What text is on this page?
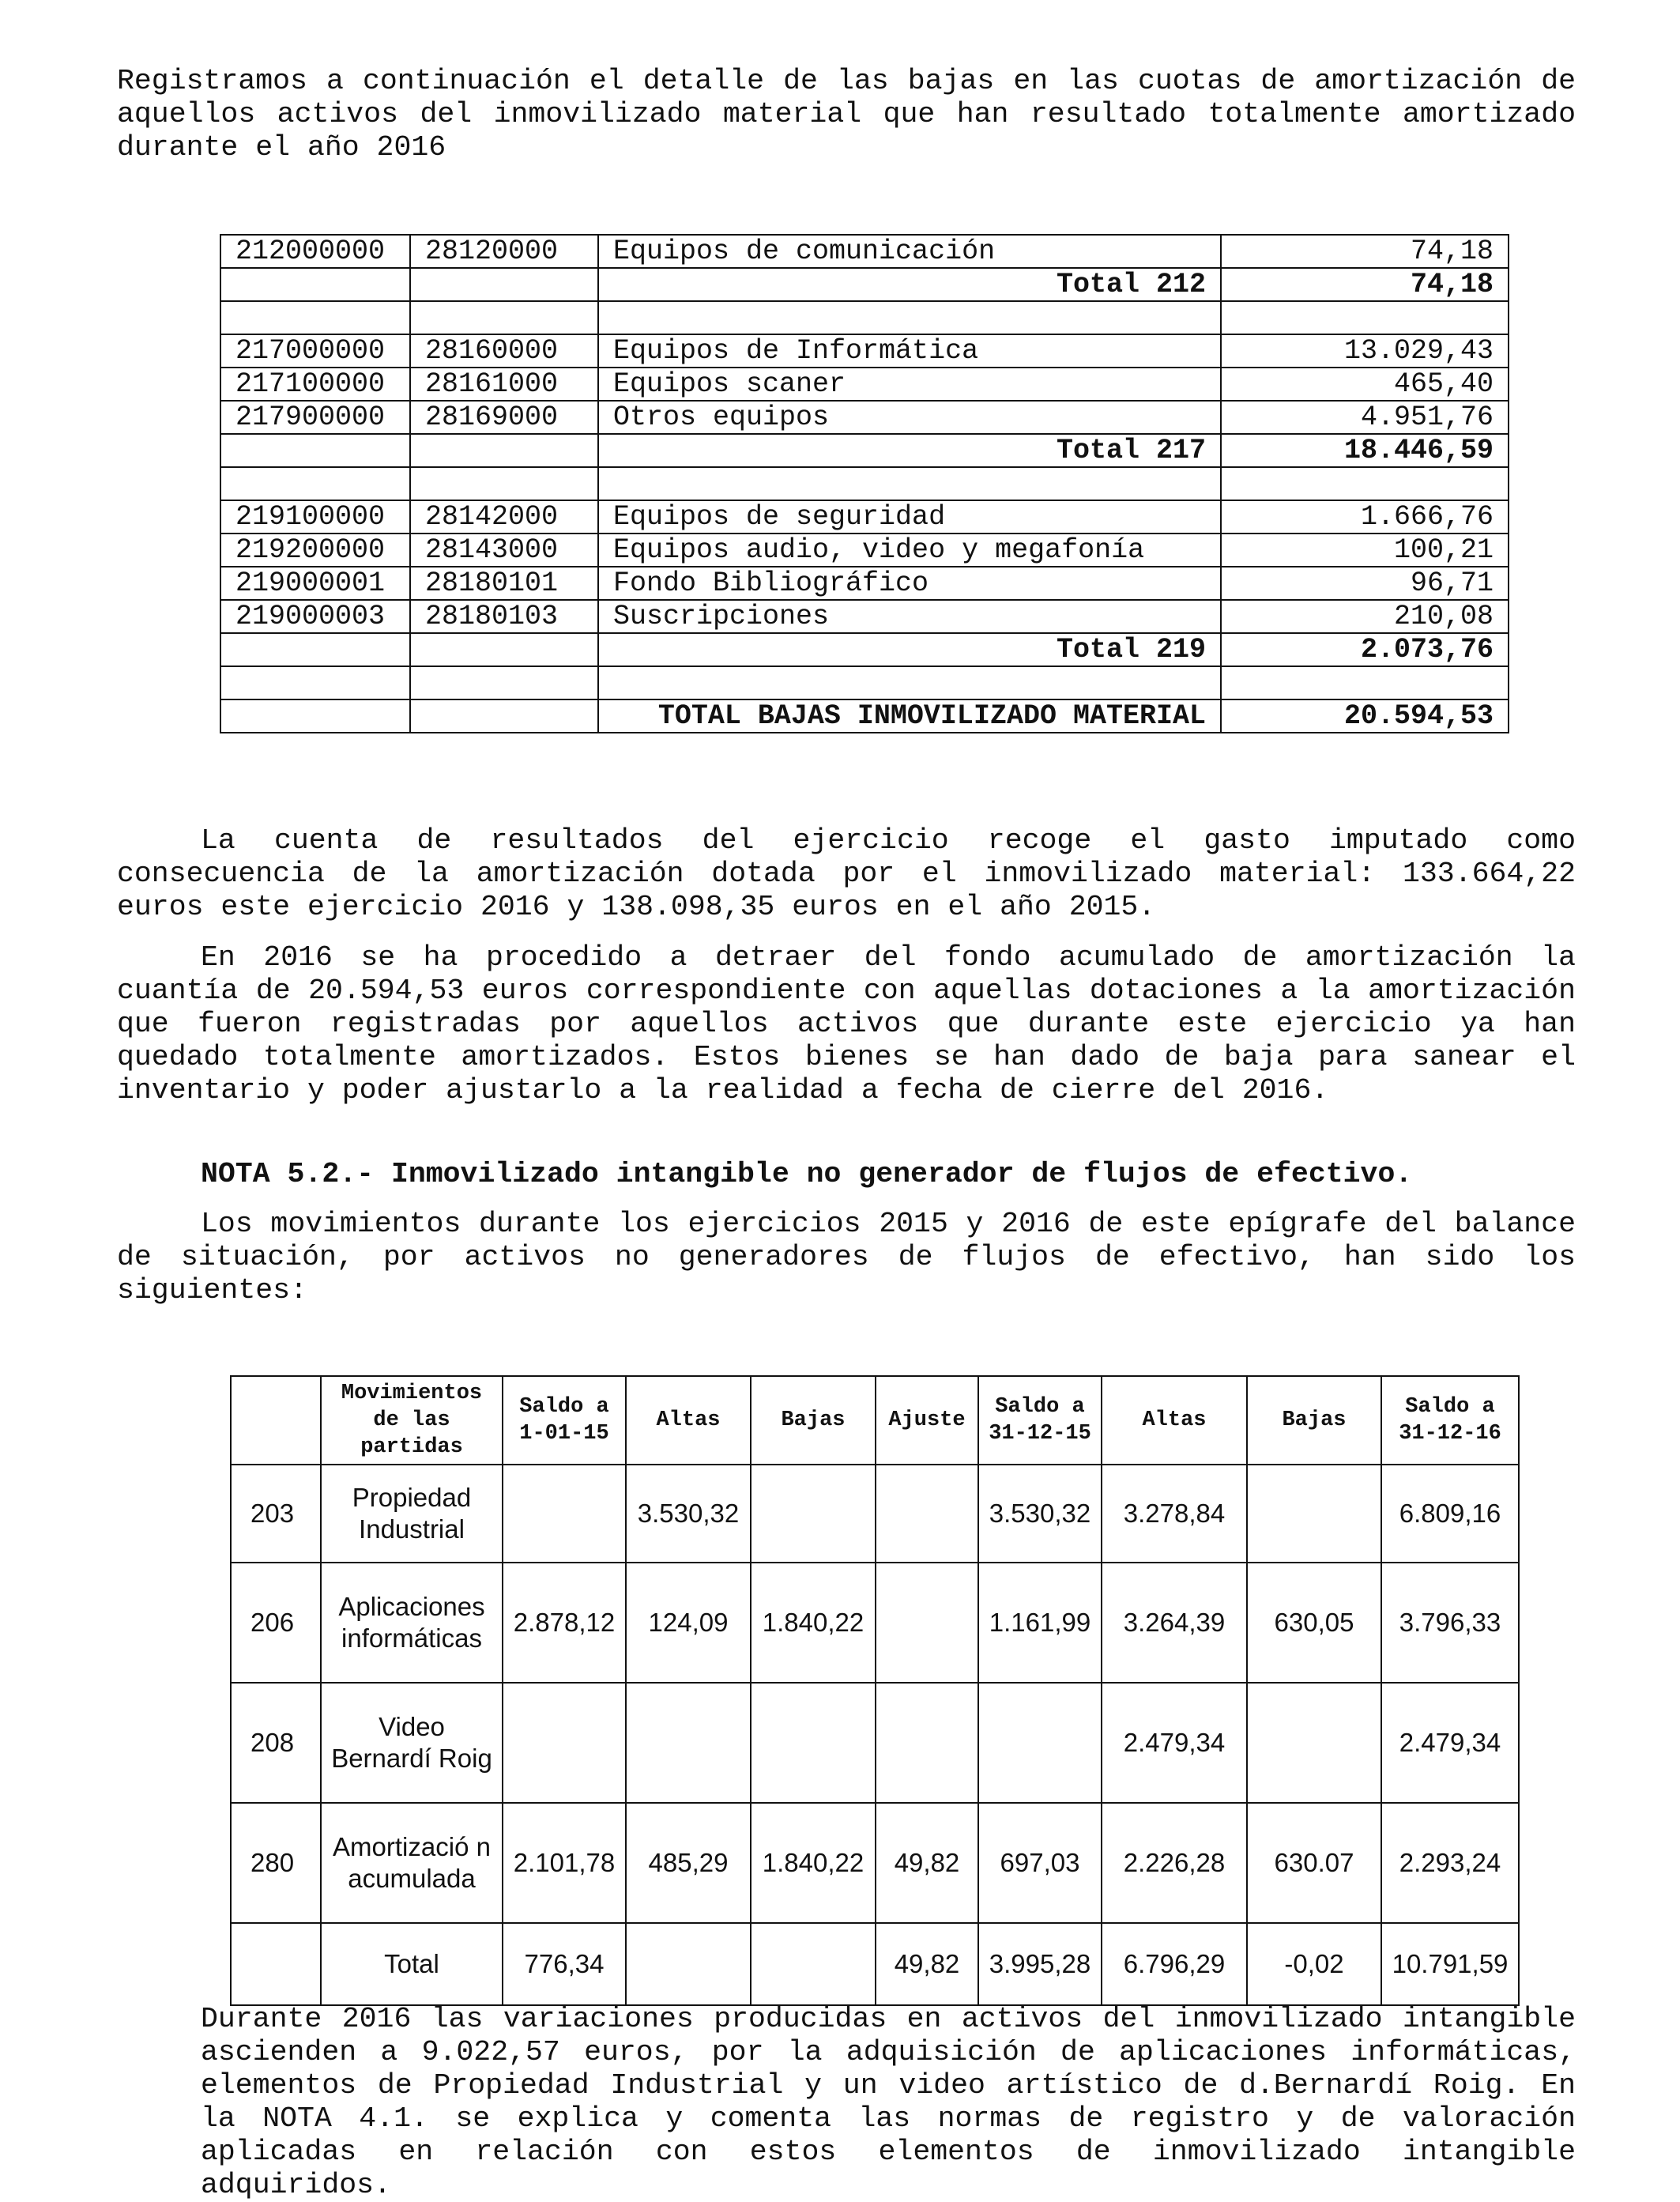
Registramos a continuación el detalle de las bajas en las cuotas de amortización de aquellos activos del inmovilizado material que han resultado totalmente amortizado durante el año 2016

212000000	28120000	Equipos de comunicación	74,18
		Total 212	74,18

217000000	28160000	Equipos de Informática	13.029,43
217100000	28161000	Equipos scaner	465,40
217900000	28169000	Otros equipos	4.951,76
		Total 217	18.446,59

219100000	28142000	Equipos de seguridad	1.666,76
219200000	28143000	Equipos audio, video y megafonía	100,21
219000001	28180101	Fondo Bibliográfico	96,71
219000003	28180103	Suscripciones	210,08
		Total 219	2.073,76

		TOTAL BAJAS INMOVILIZADO MATERIAL	20.594,53

La cuenta de resultados del ejercicio recoge el gasto imputado como consecuencia de la amortización dotada por el inmovilizado material: 133.664,22 euros este ejercicio 2016 y 138.098,35 euros en el año 2015.

En 2016 se ha procedido a detraer del fondo acumulado de amortización la cuantía de 20.594,53 euros correspondiente con aquellas dotaciones a la amortización que fueron registradas por aquellos activos que durante este ejercicio ya han quedado totalmente amortizados. Estos bienes se han dado de baja para sanear el inventario y poder ajustarlo a la realidad a fecha de cierre del 2016.

NOTA 5.2.- Inmovilizado intangible no generador de flujos de efectivo.

Los movimientos durante los ejercicios 2015 y 2016 de este epígrafe del balance de situación, por activos no generadores de flujos de efectivo, han sido los siguientes:

	Movimientos de las partidas	Saldo a 1-01-15	Altas	Bajas	Ajuste	Saldo a 31-12-15	Altas	Bajas	Saldo a 31-12-16
203	Propiedad Industrial		3.530,32			3.530,32	3.278,84		6.809,16
206	Aplicaciones informáticas	2.878,12	124,09	1.840,22		1.161,99	3.264,39	630,05	3.796,33
208	Video Bernardí Roig						2.479,34		2.479,34
280	Amortizació n acumulada	2.101,78	485,29	1.840,22	49,82	697,03	2.226,28	630.07	2.293,24
	Total	776,34			49,82	3.995,28	6.796,29	-0,02	10.791,59

Durante 2016 las variaciones producidas en activos del inmovilizado intangible ascienden a 9.022,57 euros, por la adquisición de aplicaciones informáticas, elementos de Propiedad Industrial y un video artístico de d.Bernardí Roig. En la NOTA 4.1. se explica y comenta las normas de registro y de valoración aplicadas en relación con estos elementos de inmovilizado intangible adquiridos.
